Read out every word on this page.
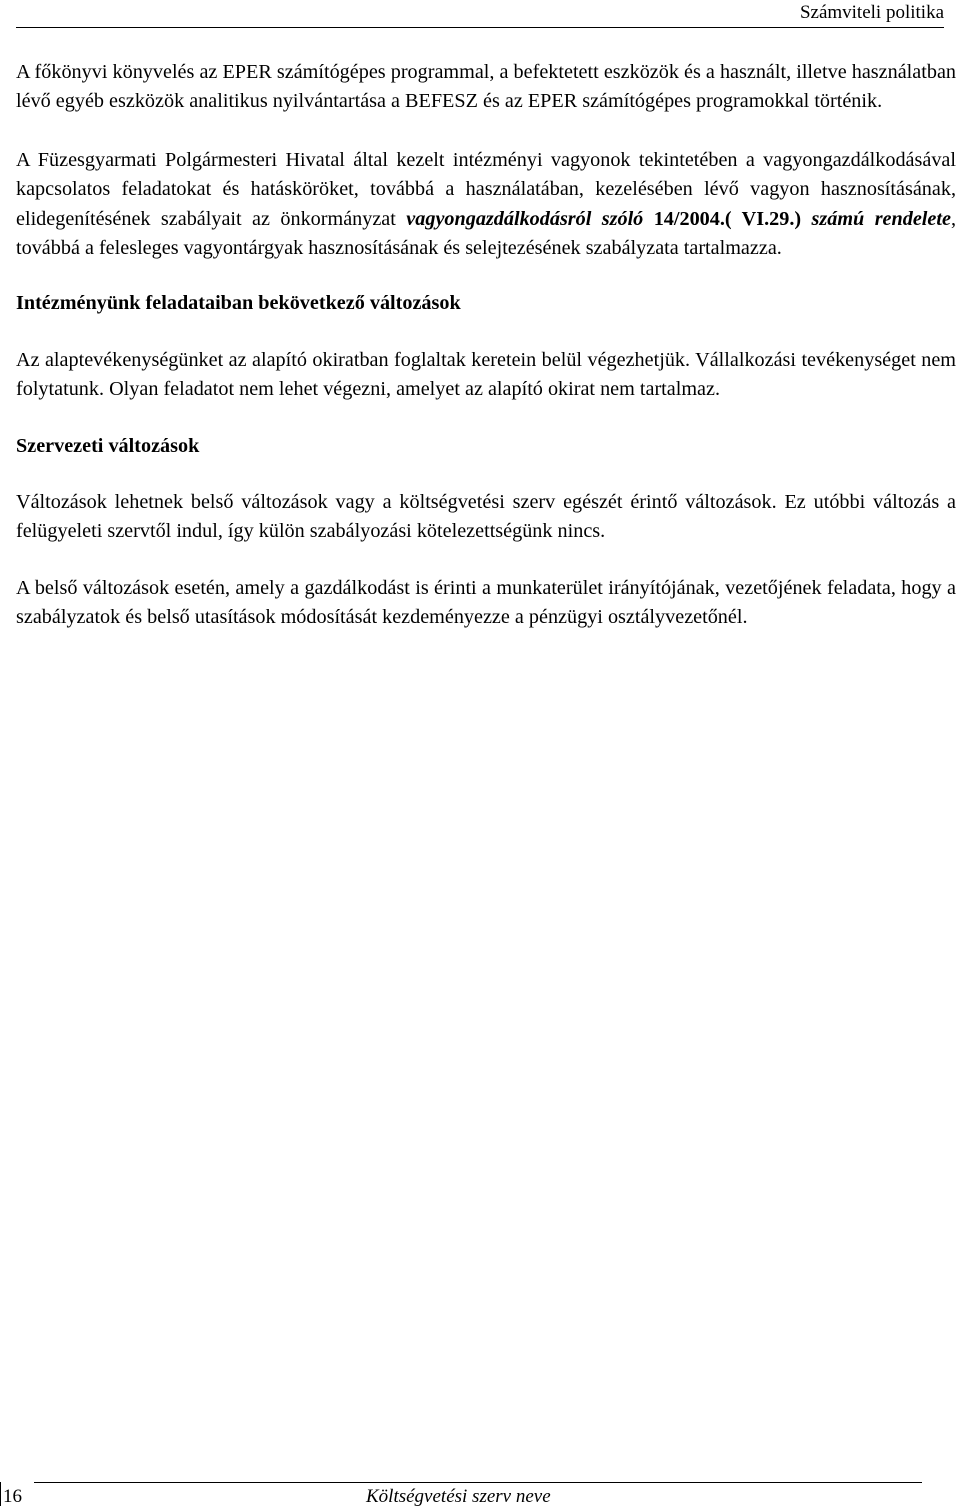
Számviteli politika

A főkönyvi könyvelés az EPER számítógépes programmal, a befektetett eszközök és a használt, illetve használatban lévő egyéb eszközök analitikus nyilvántartása a BEFESZ és az EPER számítógépes programokkal történik.

A Füzesgyarmati Polgármesteri Hivatal által kezelt intézményi vagyonok tekintetében a vagyongazdálkodásával kapcsolatos feladatokat és hatásköröket, továbbá a használatában, kezelésében lévő vagyon hasznosításának, elidegenítésének szabályait az önkormányzat vagyongazdálkodásról szóló 14/2004.( VI.29.) számú rendelete, továbbá a felesleges vagyontárgyak hasznosításának és selejtezésének szabályzata tartalmazza.

Intézményünk feladataiban bekövetkező változások

Az alaptevékenységünket az alapító okiratban foglaltak keretein belül végezhetjük. Vállalkozási tevékenységet nem folytatunk. Olyan feladatot nem lehet végezni, amelyet az alapító okirat nem tartalmaz.

Szervezeti változások

Változások lehetnek belső változások vagy a költségvetési szerv egészét érintő változások. Ez utóbbi változás a felügyeleti szervtől indul, így külön szabályozási kötelezettségünk nincs.

A belső változások esetén, amely a gazdálkodást is érinti a munkaterület irányítójának, vezetőjének feladata, hogy a szabályzatok és belső utasítások módosítását kezdeményezze a pénzügyi osztályvezetőnél.

16	Költségvetési szerv neve
